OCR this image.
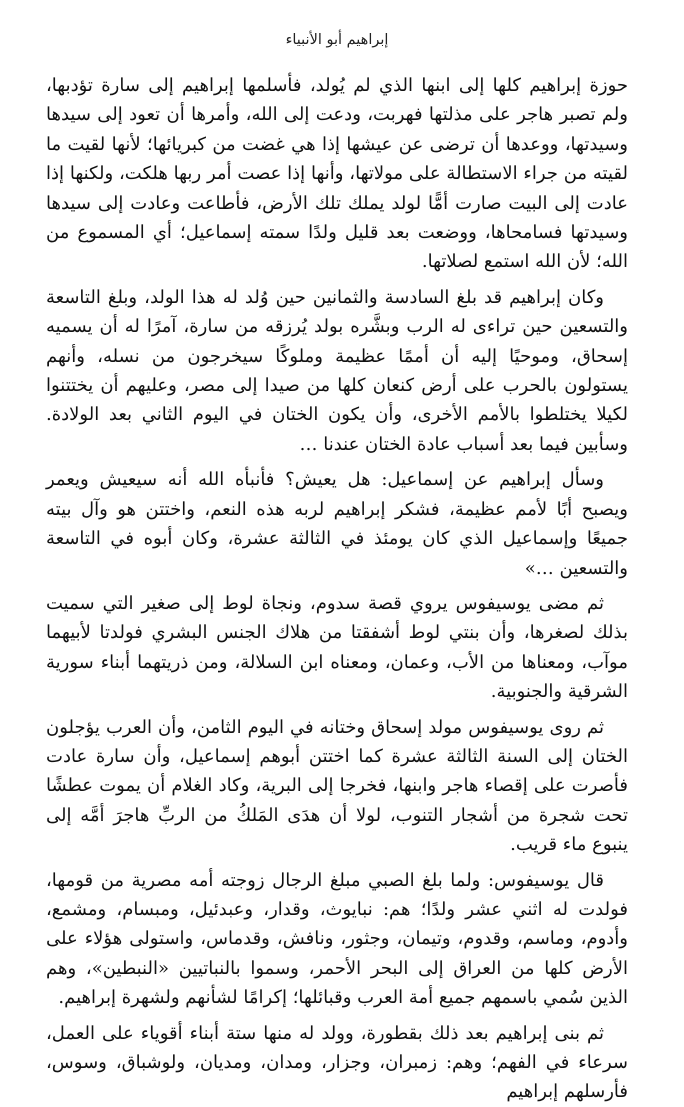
إبراهيم أبو الأنبياء

حوزة إبراهيم كلها إلى ابنها الذي لم يُولد، فأسلمها إبراهيم إلى سارة تؤدبها، ولم تصبر هاجر على مذلتها فهربت، ودعت إلى الله، وأمرها أن تعود إلى سيدها وسيدتها، ووعدها أن ترضى عن عيشها إذا هي غضت من كبريائها؛ لأنها لقيت ما لقيته من جراء الاستطالة على مولاتها، وأنها إذا عصت أمر ربها هلكت، ولكنها إذا عادت إلى البيت صارت أمًّا لولد يملك تلك الأرض، فأطاعت وعادت إلى سيدها وسيدتها فسامحاها، ووضعت بعد قليل ولدًا سمته إسماعيل؛ أي المسموع من الله؛ لأن الله استمع لصلاتها.

وكان إبراهيم قد بلغ السادسة والثمانين حين وُلد له هذا الولد، وبلغ التاسعة والتسعين حين تراءى له الرب وبشَّره بولد يُرزقه من سارة، آمرًا له أن يسميه إسحاق، وموحيًا إليه أن أممًا عظيمة وملوكًا سيخرجون من نسله، وأنهم يستولون بالحرب على أرض كنعان كلها من صيدا إلى مصر، وعليهم أن يختتنوا لكيلا يختلطوا بالأمم الأخرى، وأن يكون الختان في اليوم الثاني بعد الولادة. وسأبين فيما بعد أسباب عادة الختان عندنا …

وسأل إبراهيم عن إسماعيل: هل يعيش؟ فأنبأه الله أنه سيعيش ويعمر ويصبح أبًا لأمم عظيمة، فشكر إبراهيم لربه هذه النعم، واختتن هو وآل بيته جميعًا وإسماعيل الذي كان يومئذ في الثالثة عشرة، وكان أبوه في التاسعة والتسعين …»

ثم مضى يوسيفوس يروي قصة سدوم، ونجاة لوط إلى صغير التي سميت بذلك لصغرها، وأن بنتي لوط أشفقتا من هلاك الجنس البشري فولدتا لأبيهما موآب، ومعناها من الأب، وعمان، ومعناه ابن السلالة، ومن ذريتهما أبناء سورية الشرقية والجنوبية.

ثم روى يوسيفوس مولد إسحاق وختانه في اليوم الثامن، وأن العرب يؤجلون الختان إلى السنة الثالثة عشرة كما اختتن أبوهم إسماعيل، وأن سارة عادت فأصرت على إقصاء هاجر وابنها، فخرجا إلى البرية، وكاد الغلام أن يموت عطشًا تحت شجرة من أشجار التنوب، لولا أن هدَى المَلكُ من الربِّ هاجرَ أمَّه إلى ينبوع ماء قريب.

قال يوسيفوس: ولما بلغ الصبي مبلغ الرجال زوجته أمه مصرية من قومها، فولدت له اثني عشر ولدًا؛ هم: نبايوث، وقدار، وعبدئيل، ومبسام، ومشمع، وأدوم، وماسم، وقدوم، وتيمان، وجثور، ونافش، وقدماس، واستولى هؤلاء على الأرض كلها من العراق إلى البحر الأحمر، وسموا بالنباتيين «النبطين»، وهم الذين سُمي باسمهم جميع أمة العرب وقبائلها؛ إكرامًا لشأنهم ولشهرة إبراهيم.

ثم بنى إبراهيم بعد ذلك بقطورة، وولد له منها ستة أبناء أقوياء على العمل، سرعاء في الفهم؛ وهم: زمبران، وجزار، ومدان، ومديان، ولوشباق، وسوس، فأرسلهم إبراهيم
